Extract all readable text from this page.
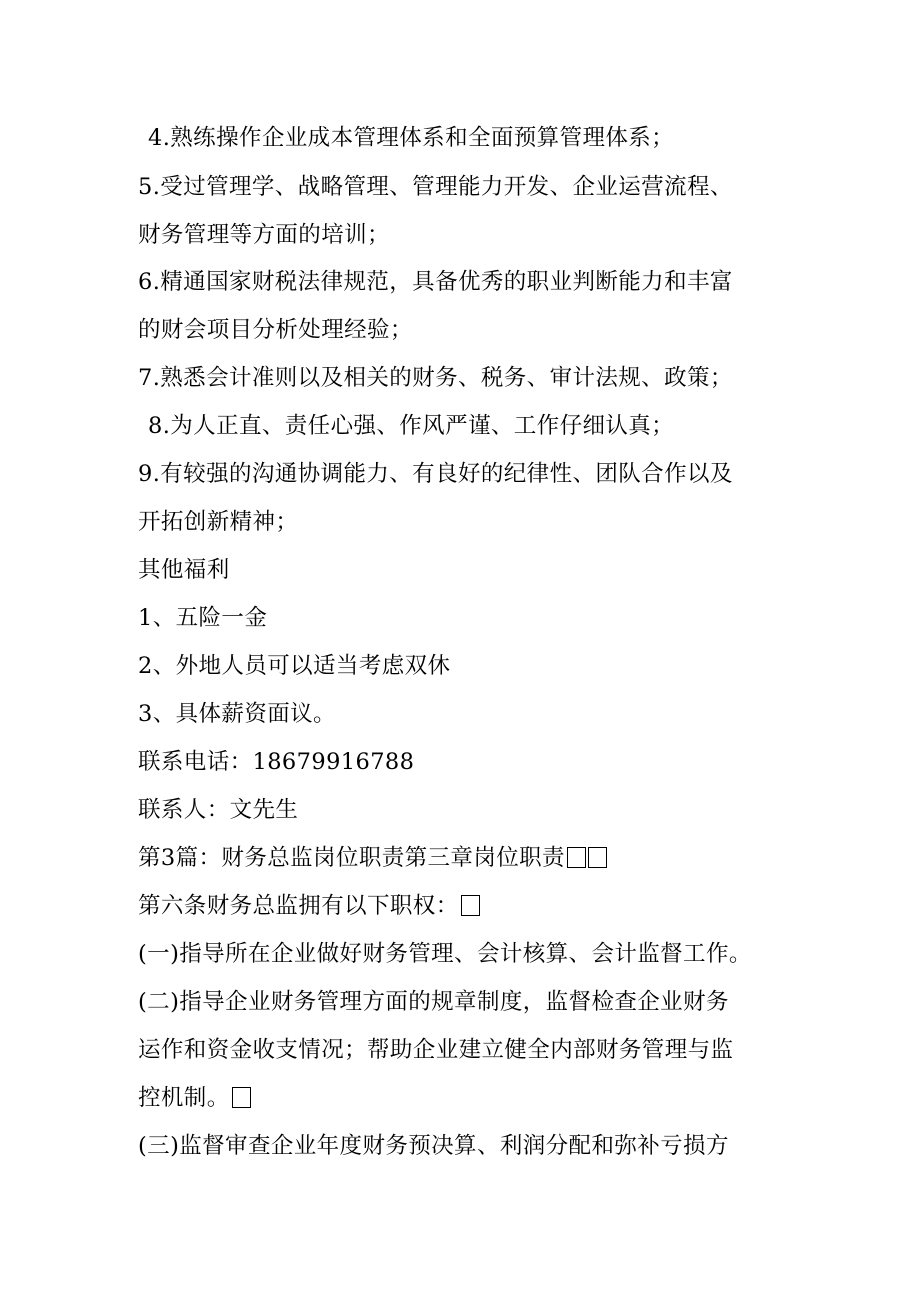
4.熟练操作企业成本管理体系和全面预算管理体系；
5.受过管理学、战略管理、管理能力开发、企业运营流程、
财务管理等方面的培训；
6.精通国家财税法律规范，具备优秀的职业判断能力和丰富
的财会项目分析处理经验；
7.熟悉会计准则以及相关的财务、税务、审计法规、政策；
8.为人正直、责任心强、作风严谨、工作仔细认真；
9.有较强的沟通协调能力、有良好的纪律性、团队合作以及
开拓创新精神；
其他福利
1、五险一金
2、外地人员可以适当考虑双休
3、具体薪资面议。
联系电话：18679916788
联系人：文先生
第3篇：财务总监岗位职责第三章岗位职责
第六条财务总监拥有以下职权：
(一)指导所在企业做好财务管理、会计核算、会计监督工作。
(二)指导企业财务管理方面的规章制度，监督检查企业财务
运作和资金收支情况；帮助企业建立健全内部财务管理与监
控机制。
(三)监督审查企业年度财务预决算、利润分配和弥补亏损方
